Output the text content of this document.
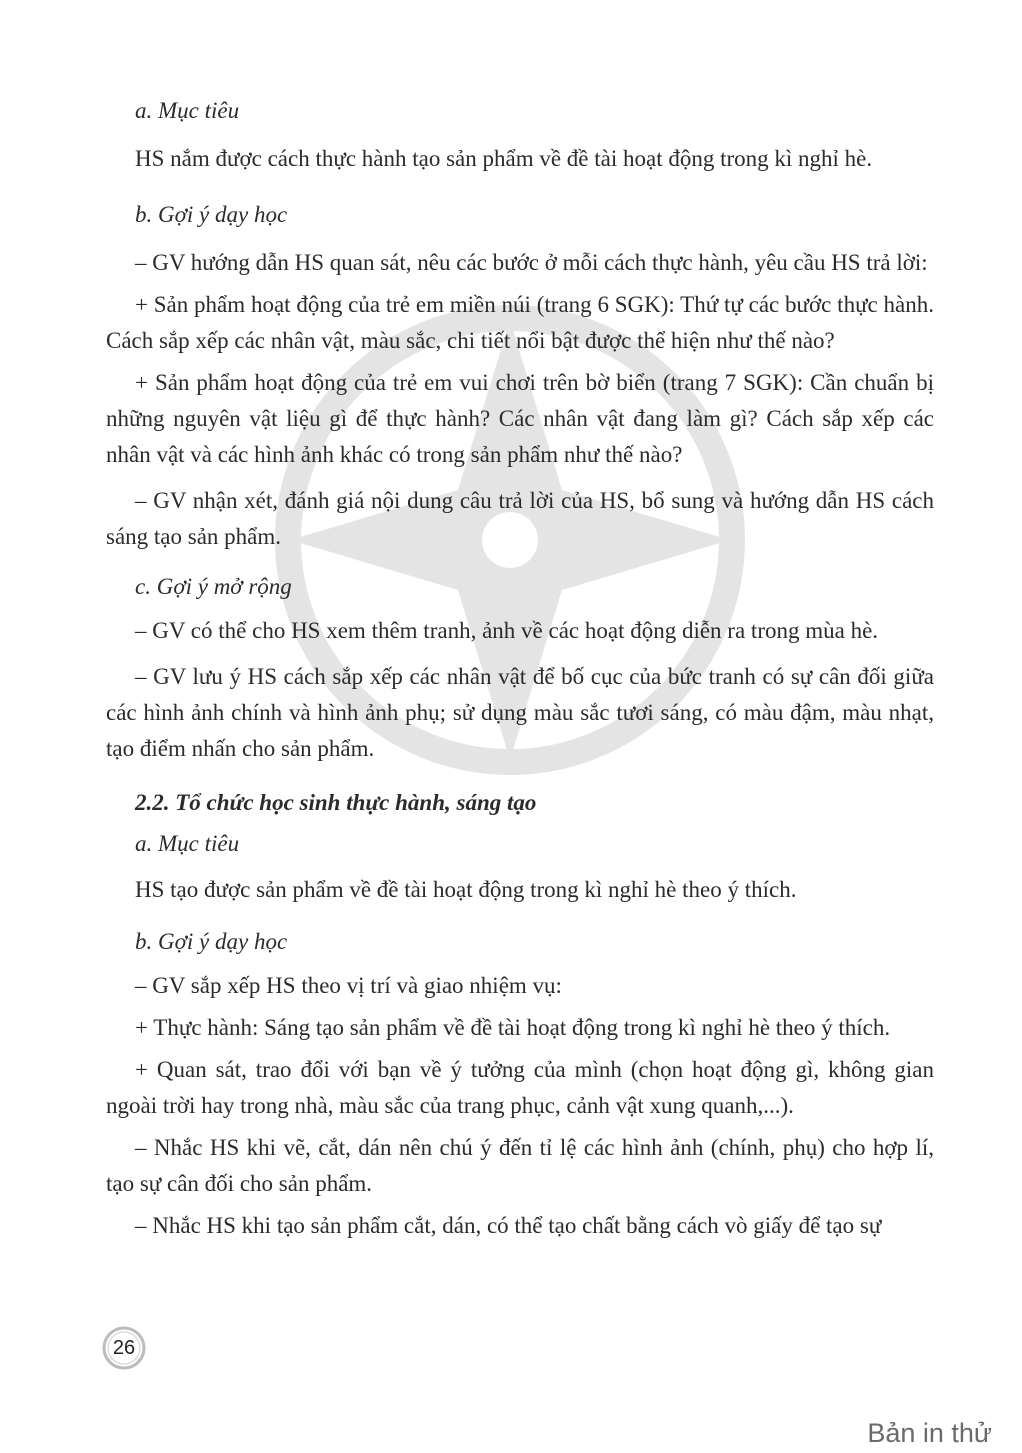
a. Mục tiêu

HS nắm được cách thực hành tạo sản phẩm về đề tài hoạt động trong kì nghỉ hè.

b. Gợi ý dạy học

– GV hướng dẫn HS quan sát, nêu các bước ở mỗi cách thực hành, yêu cầu HS trả lời:

+ Sản phẩm hoạt động của trẻ em miền núi (trang 6 SGK): Thứ tự các bước thực hành. Cách sắp xếp các nhân vật, màu sắc, chi tiết nổi bật được thể hiện như thế nào?

+ Sản phẩm hoạt động của trẻ em vui chơi trên bờ biển (trang 7 SGK): Cần chuẩn bị những nguyên vật liệu gì để thực hành? Các nhân vật đang làm gì? Cách sắp xếp các nhân vật và các hình ảnh khác có trong sản phẩm như thế nào?

– GV nhận xét, đánh giá nội dung câu trả lời của HS, bổ sung và hướng dẫn HS cách sáng tạo sản phẩm.

c. Gợi ý mở rộng

– GV có thể cho HS xem thêm tranh, ảnh về các hoạt động diễn ra trong mùa hè.

– GV lưu ý HS cách sắp xếp các nhân vật để bố cục của bức tranh có sự cân đối giữa các hình ảnh chính và hình ảnh phụ; sử dụng màu sắc tươi sáng, có màu đậm, màu nhạt, tạo điểm nhấn cho sản phẩm.

2.2. Tổ chức học sinh thực hành, sáng tạo

a. Mục tiêu

HS tạo được sản phẩm về đề tài hoạt động trong kì nghỉ hè theo ý thích.

b. Gợi ý dạy học

– GV sắp xếp HS theo vị trí và giao nhiệm vụ:

+ Thực hành: Sáng tạo sản phẩm về đề tài hoạt động trong kì nghỉ hè theo ý thích.

+ Quan sát, trao đổi với bạn về ý tưởng của mình (chọn hoạt động gì, không gian ngoài trời hay trong nhà, màu sắc của trang phục, cảnh vật xung quanh,...).

– Nhắc HS khi vẽ, cắt, dán nên chú ý đến tỉ lệ các hình ảnh (chính, phụ) cho hợp lí, tạo sự cân đối cho sản phẩm.

– Nhắc HS khi tạo sản phẩm cắt, dán, có thể tạo chất bằng cách vò giấy để tạo sự

26
Bản in thử
